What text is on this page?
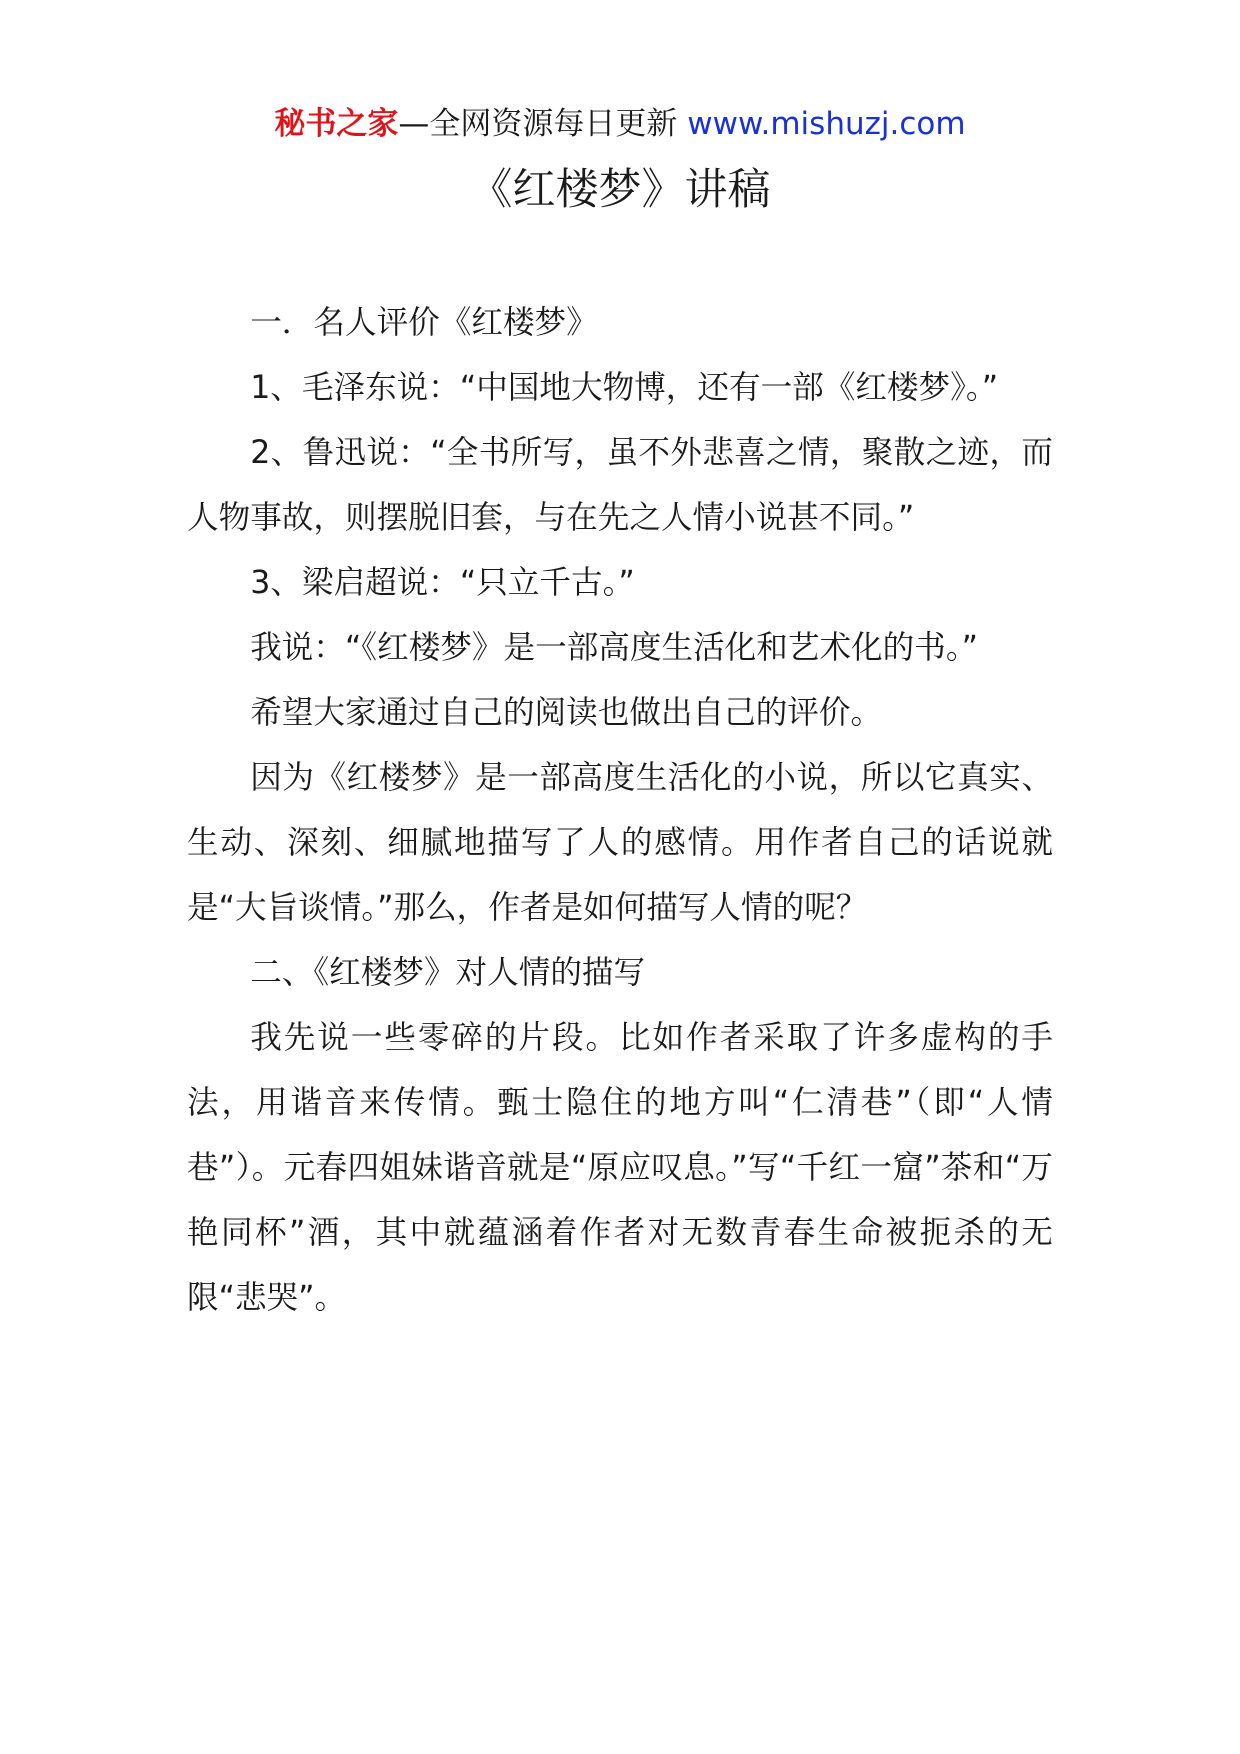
秘书之家—全网资源每日更新 www.mishuzj.com
《红楼梦》讲稿

一．名人评价《红楼梦》

1、毛泽东说：“中国地大物博，还有一部《红楼梦》。”

2、鲁迅说：“全书所写，虽不外悲喜之情，聚散之迹，而人物事故，则摆脱旧套，与在先之人情小说甚不同。”

3、梁启超说：“只立千古。”

我说：“《红楼梦》是一部高度生活化和艺术化的书。”

希望大家通过自己的阅读也做出自己的评价。

因为《红楼梦》是一部高度生活化的小说，所以它真实、生动、深刻、细腻地描写了人的感情。用作者自己的话说就是“大旨谈情。”那么，作者是如何描写人情的呢？

二、《红楼梦》对人情的描写

我先说一些零碎的片段。比如作者采取了许多虚构的手法，用谐音来传情。甄士隐住的地方叫“仁清巷”（即“人情巷”）。元春四姐妹谐音就是“原应叹息。”写“千红一窟”茶和“万艳同杯”酒，其中就蕴涵着作者对无数青春生命被扼杀的无限“悲哭”。
